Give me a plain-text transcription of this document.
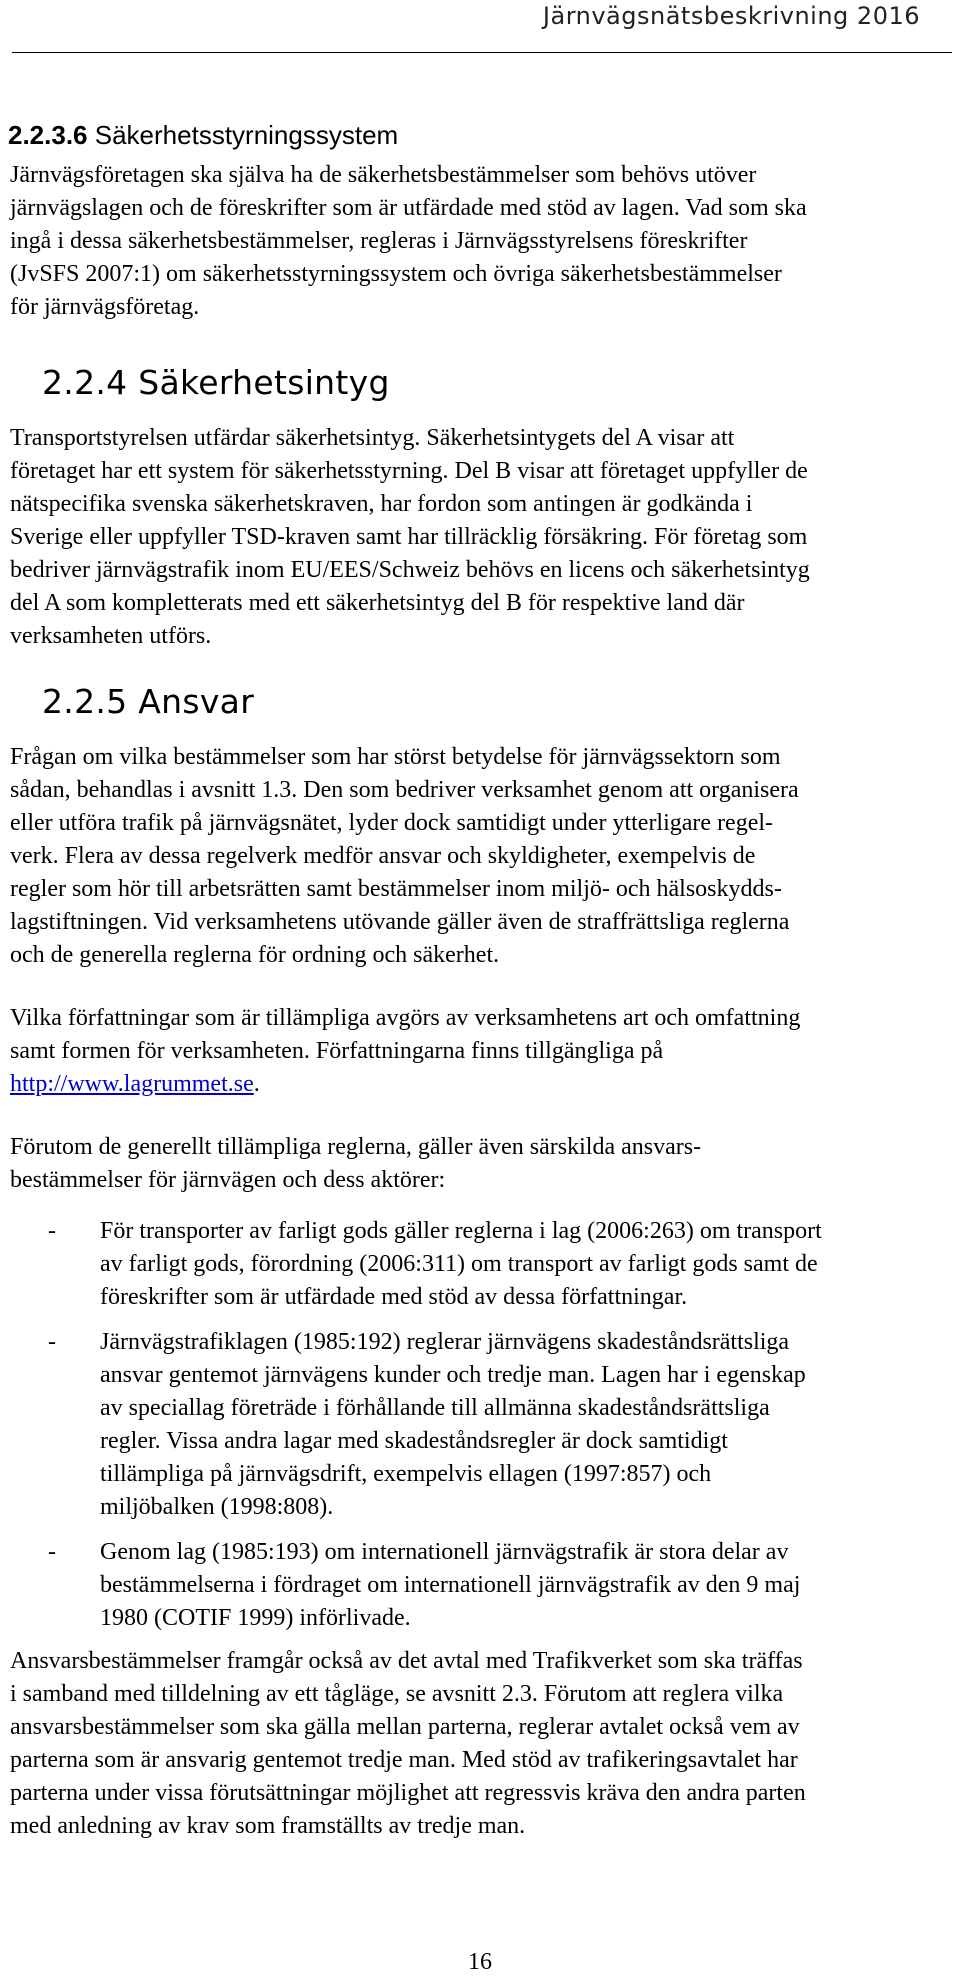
Järnvägsnätsbeskrivning 2016
2.2.3.6 Säkerhetsstyrningssystem
Järnvägsföretagen ska själva ha de säkerhetsbestämmelser som behövs utöver
järnvägslagen och de föreskrifter som är utfärdade med stöd av lagen. Vad som ska
ingå i dessa säkerhetsbestämmelser, regleras i Järnvägsstyrelsens föreskrifter
(JvSFS 2007:1) om säkerhetsstyrningssystem och övriga säkerhetsbestämmelser
för järnvägsföretag.
2.2.4 Säkerhetsintyg
Transportstyrelsen utfärdar säkerhetsintyg. Säkerhetsintygets del A visar att
företaget har ett system för säkerhetsstyrning. Del B visar att företaget uppfyller de
nätspecifika svenska säkerhetskraven, har fordon som antingen är godkända i
Sverige eller uppfyller TSD-kraven samt har tillräcklig försäkring. För företag som
bedriver järnvägstrafik inom EU/EES/Schweiz behövs en licens och säkerhetsintyg
del A som kompletterats med ett säkerhetsintyg del B för respektive land där
verksamheten utförs.
2.2.5 Ansvar
Frågan om vilka bestämmelser som har störst betydelse för järnvägssektorn som
sådan, behandlas i avsnitt 1.3. Den som bedriver verksamhet genom att organisera
eller utföra trafik på järnvägsnätet, lyder dock samtidigt under ytterligare regel-
verk. Flera av dessa regelverk medför ansvar och skyldigheter, exempelvis de
regler som hör till arbetsrätten samt bestämmelser inom miljö- och hälsoskydds-
lagstiftningen. Vid verksamhetens utövande gäller även de straffrättsliga reglerna
och de generella reglerna för ordning och säkerhet.
Vilka författningar som är tillämpliga avgörs av verksamhetens art och omfattning
samt formen för verksamheten. Författningarna finns tillgängliga på
http://www.lagrummet.se.
Förutom de generellt tillämpliga reglerna, gäller även särskilda ansvars-
bestämmelser för järnvägen och dess aktörer:
- För transporter av farligt gods gäller reglerna i lag (2006:263) om transport
av farligt gods, förordning (2006:311) om transport av farligt gods samt de
föreskrifter som är utfärdade med stöd av dessa författningar.
- Järnvägstrafiklagen (1985:192) reglerar järnvägens skadeståndsrättsliga
ansvar gentemot järnvägens kunder och tredje man. Lagen har i egenskap
av speciallag företräde i förhållande till allmänna skadeståndsrättsliga
regler. Vissa andra lagar med skadeståndsregler är dock samtidigt
tillämpliga på järnvägsdrift, exempelvis ellagen (1997:857) och
miljöbalken (1998:808).
- Genom lag (1985:193) om internationell järnvägstrafik är stora delar av
bestämmelserna i fördraget om internationell järnvägstrafik av den 9 maj
1980 (COTIF 1999) införlivade.
Ansvarsbestämmelser framgår också av det avtal med Trafikverket som ska träffas
i samband med tilldelning av ett tågläge, se avsnitt 2.3. Förutom att reglera vilka
ansvarsbestämmelser som ska gälla mellan parterna, reglerar avtalet också vem av
parterna som är ansvarig gentemot tredje man. Med stöd av trafikeringsavtalet har
parterna under vissa förutsättningar möjlighet att regressvis kräva den andra parten
med anledning av krav som framställts av tredje man.
16
